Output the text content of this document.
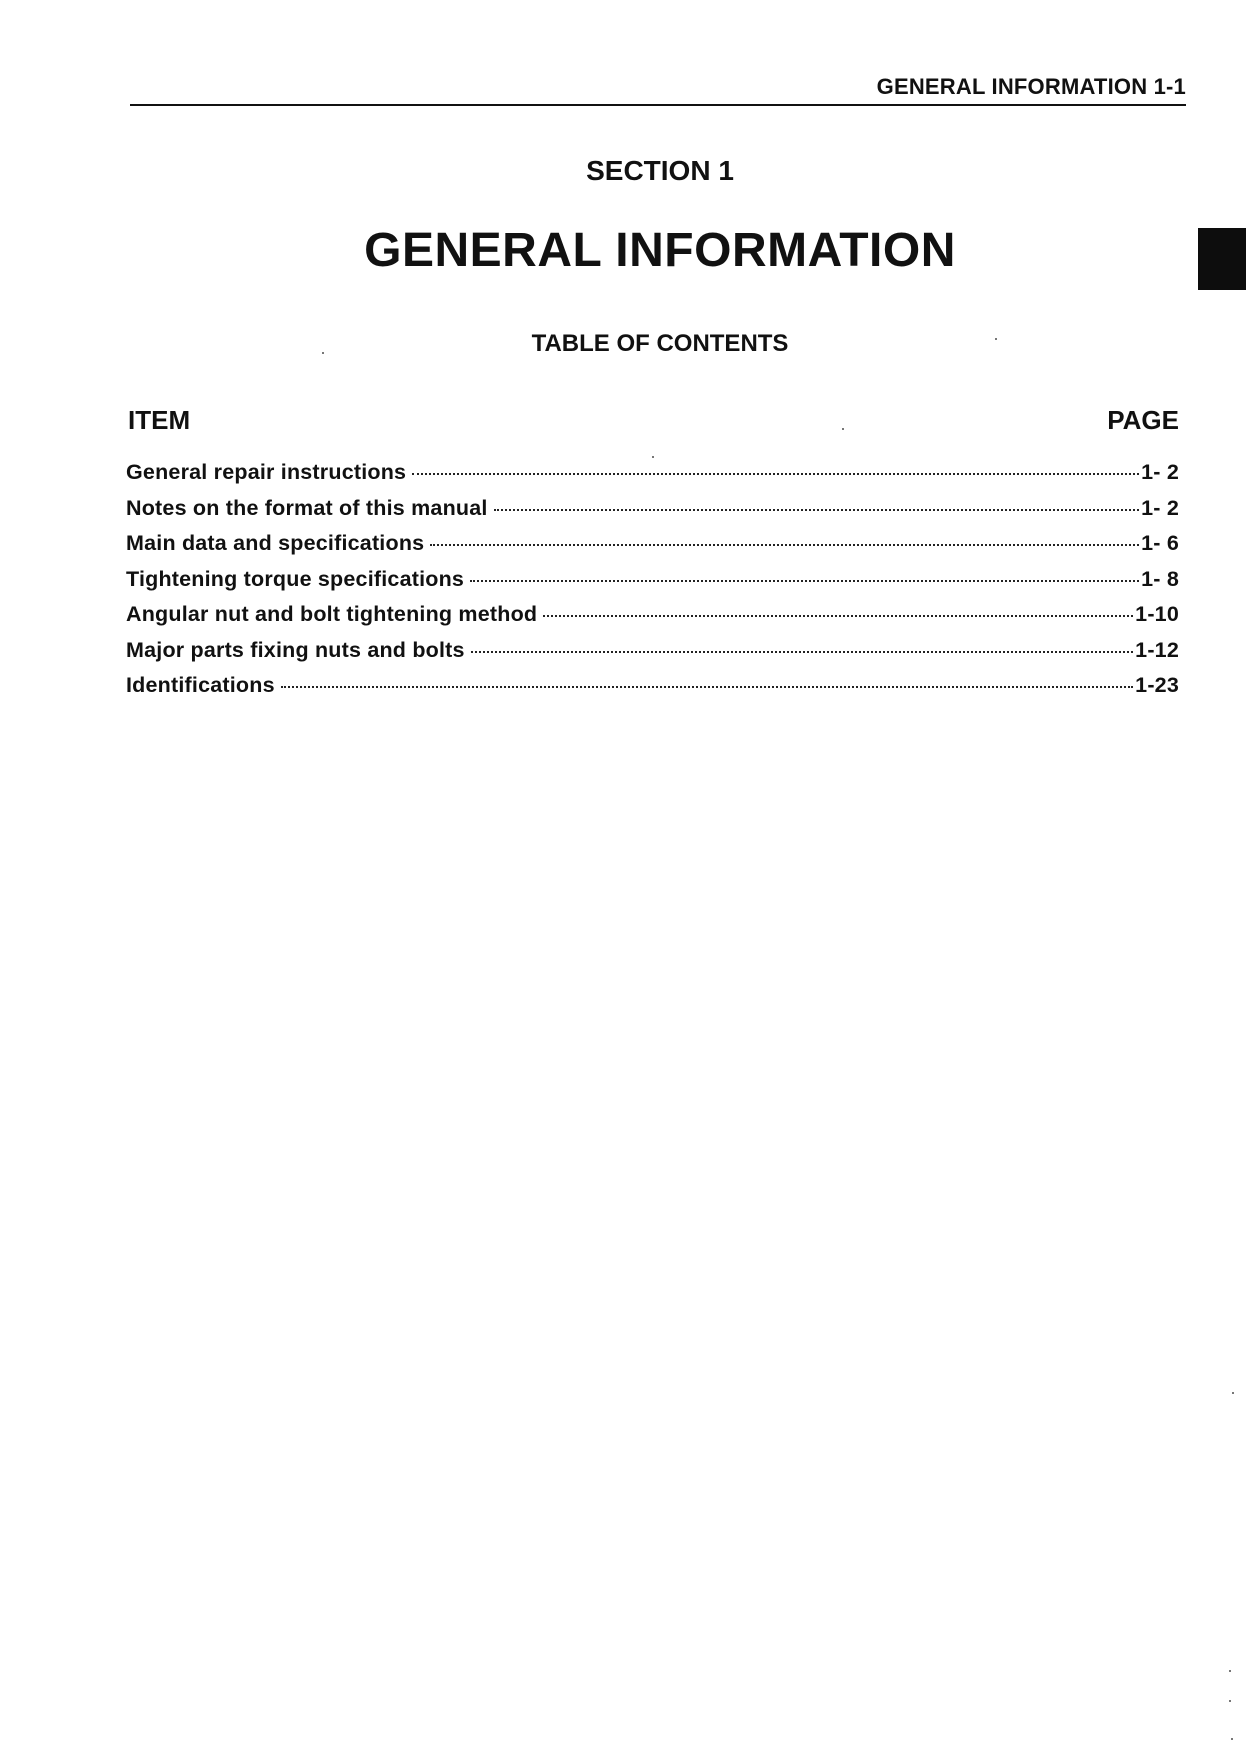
GENERAL INFORMATION 1-1
SECTION 1
GENERAL INFORMATION
TABLE OF CONTENTS
ITEM	PAGE
General repair instructions	1- 2
Notes on the format of this manual	1- 2
Main data and specifications	1- 6
Tightening torque specifications	1- 8
Angular nut and bolt tightening method	1-10
Major parts fixing nuts and bolts	1-12
Identifications	1-23
